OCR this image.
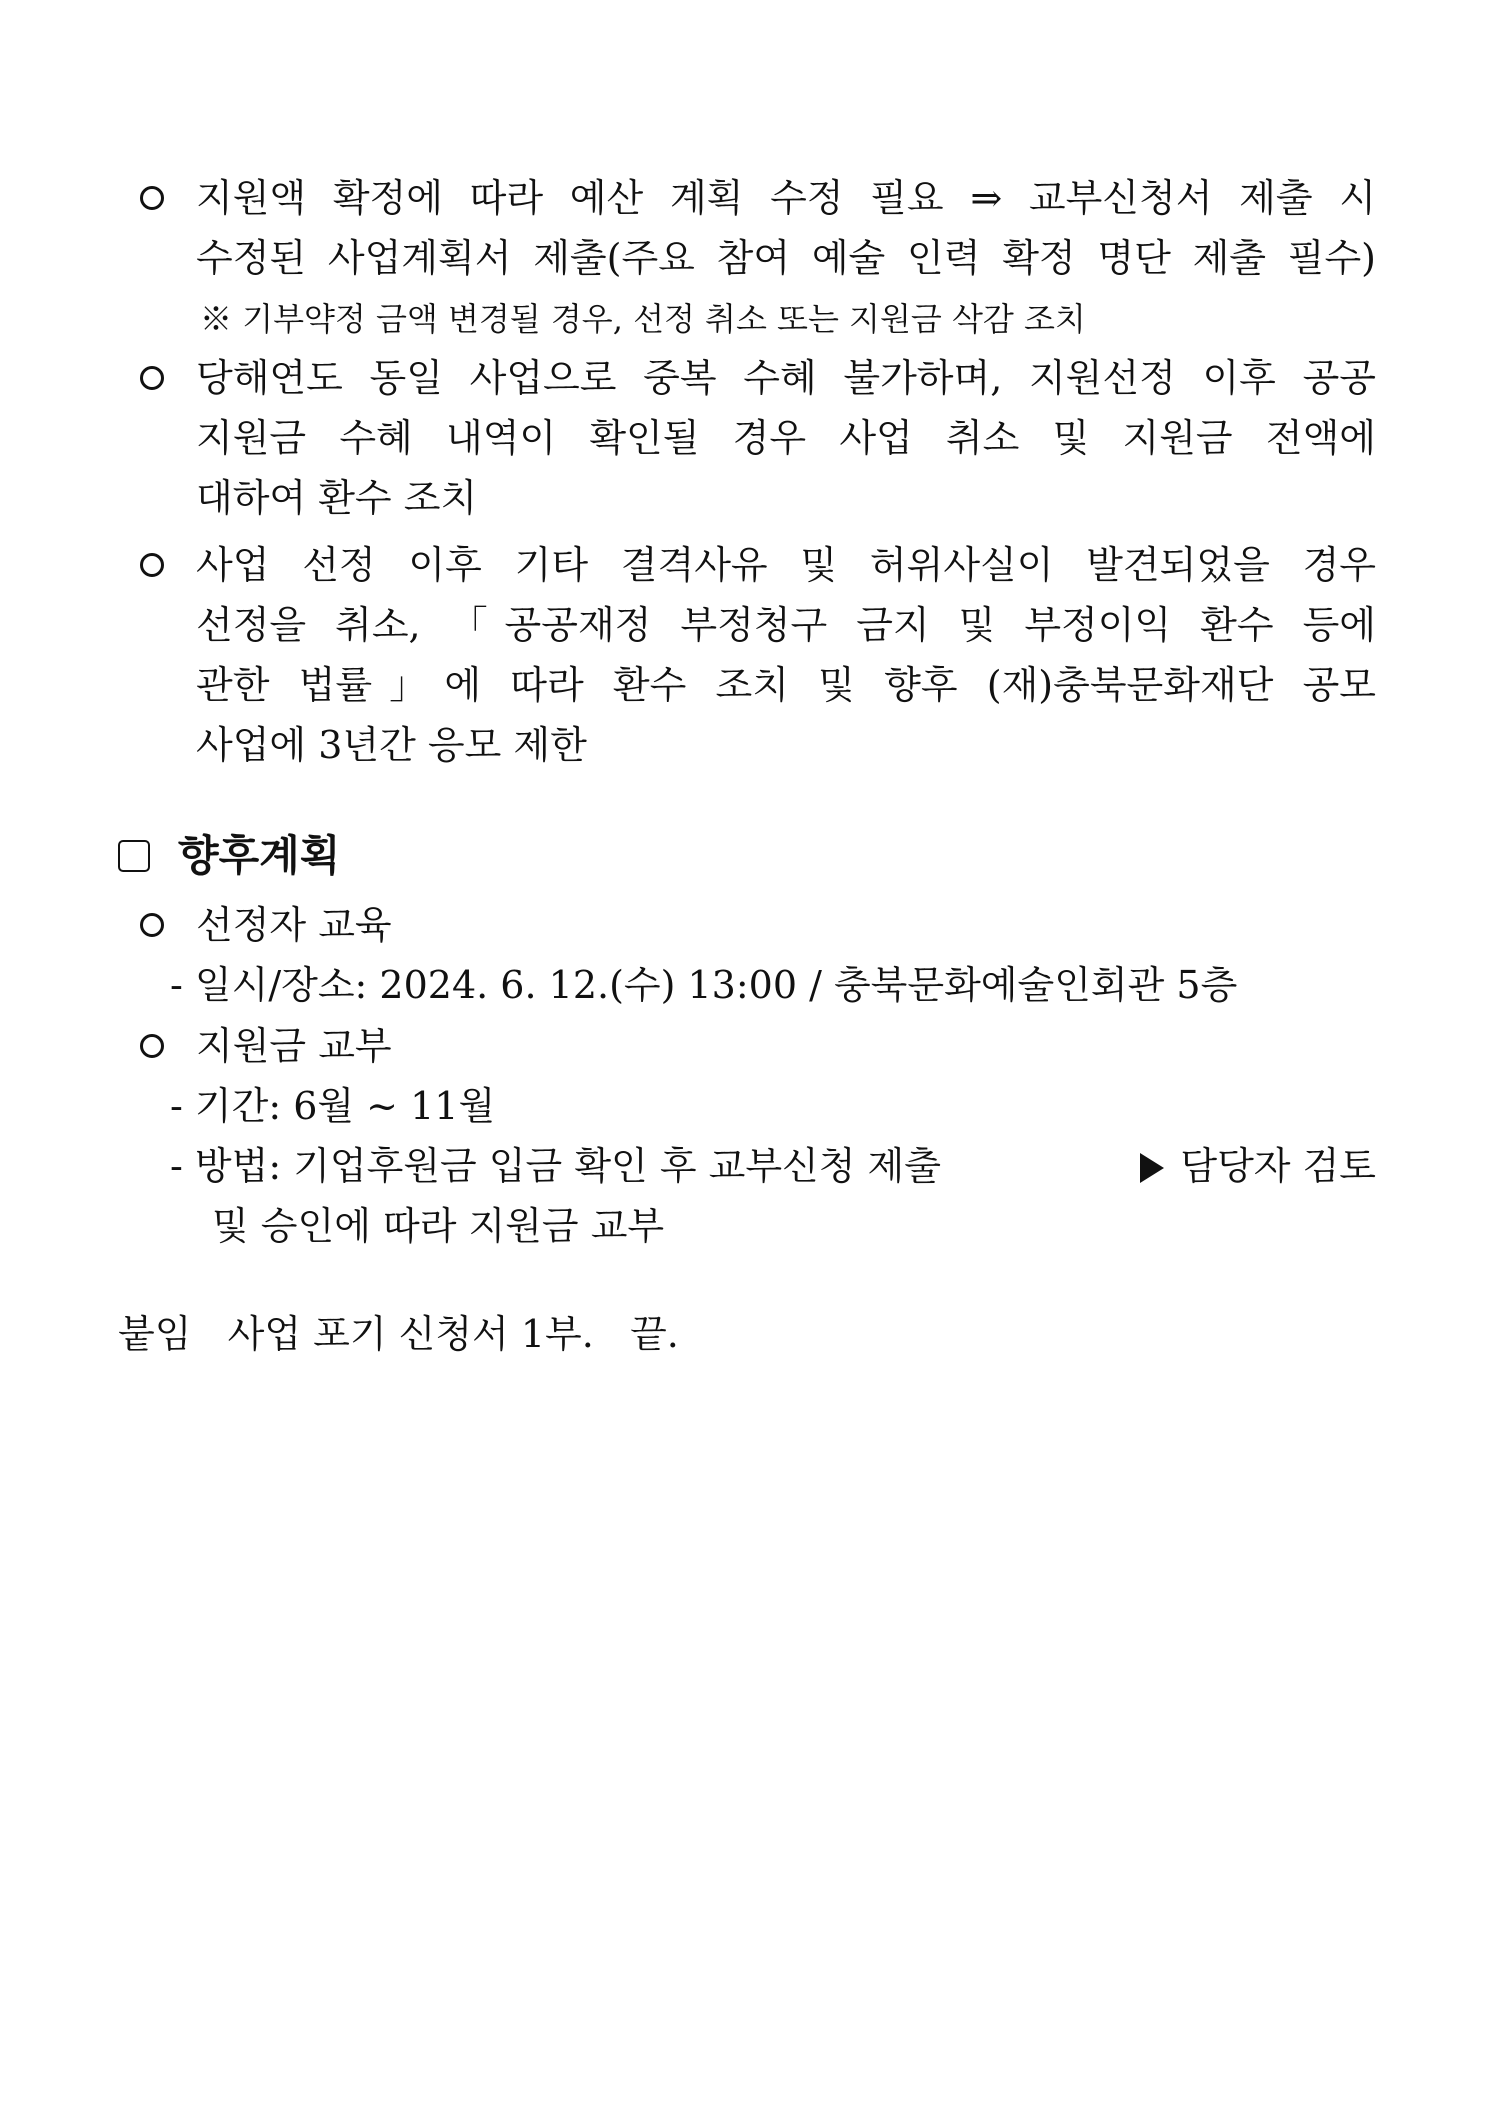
지원액 확정에 따라 예산 계획 수정 필요 ⇒ 교부신청서 제출 시
수정된 사업계획서 제출(주요 참여 예술 인력 확정 명단 제출 필수)
※ 기부약정 금액 변경될 경우, 선정 취소 또는 지원금 삭감 조치
당해연도 동일 사업으로 중복 수혜 불가하며, 지원선정 이후 공공
지원금 수혜 내역이 확인될 경우 사업 취소 및 지원금 전액에
대하여 환수 조치
사업 선정 이후 기타 결격사유 및 허위사실이 발견되었을 경우
선정을 취소, 「공공재정 부정청구 금지 및 부정이익 환수 등에
관한 법률」에 따라 환수 조치 및 향후 (재)충북문화재단 공모
사업에 3년간 응모 제한
향후계획
선정자 교육
- 일시/장소: 2024. 6. 12.(수) 13:00 / 충북문화예술인회관 5층
지원금 교부
- 기간: 6월 ~ 11월
- 방법: 기업후원금 입금 확인 후 교부신청 제출	담당자 검토
및 승인에 따라 지원금 교부
붙임   사업 포기 신청서 1부.   끝.
